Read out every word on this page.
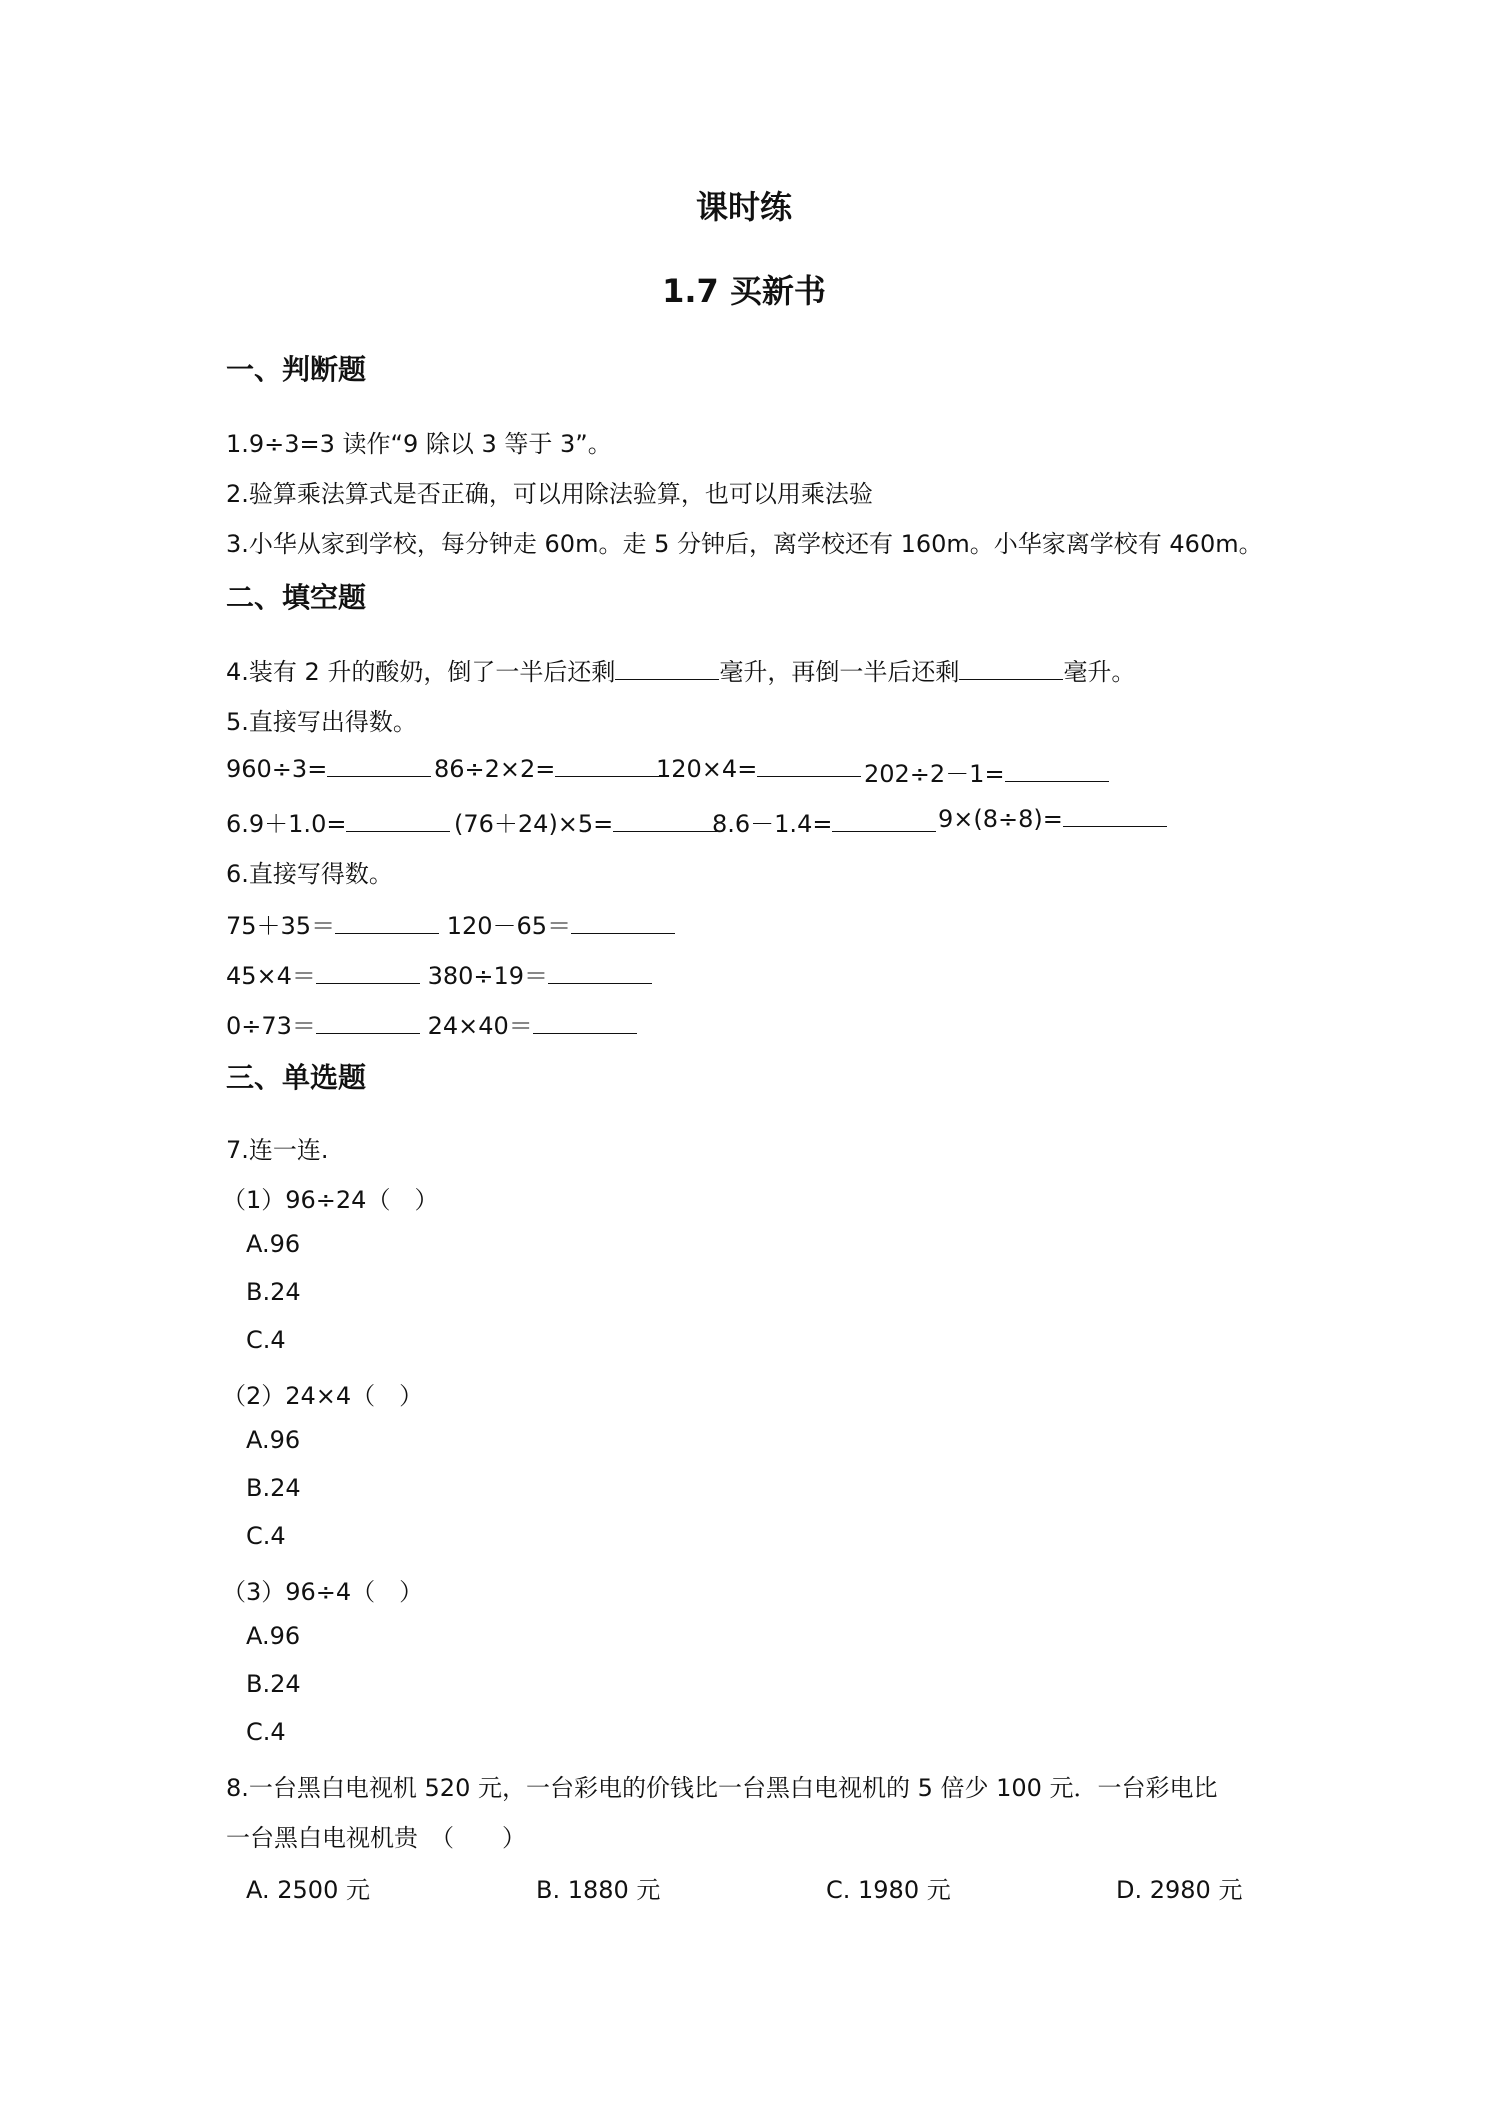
课时练
1.7 买新书
一、判断题
1.9÷3=3 读作“9 除以 3 等于 3”。
2.验算乘法算式是否正确，可以用除法验算，也可以用乘法验
3.小华从家到学校，每分钟走 60m。走 5 分钟后，离学校还有 160m。小华家离学校有 460m。
二、填空题
4.装有 2 升的酸奶，倒了一半后还剩	毫升，再倒一半后还剩	毫升。
5.直接写出得数。
960÷3=	86÷2×2=	120×4=	202÷2－1=
6.9＋1.0=	(76＋24)×5=	8.6－1.4=	9×(8÷8)=
6.直接写得数。
75＋35＝	120－65＝
45×4＝	380÷19＝
0÷73＝	24×40＝
三、单选题
7.连一连.
（1）96÷24（　）
A.96
B.24
C.4
（2）24×4（　）
A.96
B.24
C.4
（3）96÷4（　）
A.96
B.24
C.4
8.一台黑白电视机 520 元，一台彩电的价钱比一台黑白电视机的 5 倍少 100 元．一台彩电比
一台黑白电视机贵　（　　）
A. 2500 元	B. 1880 元	C. 1980 元	D. 2980 元
